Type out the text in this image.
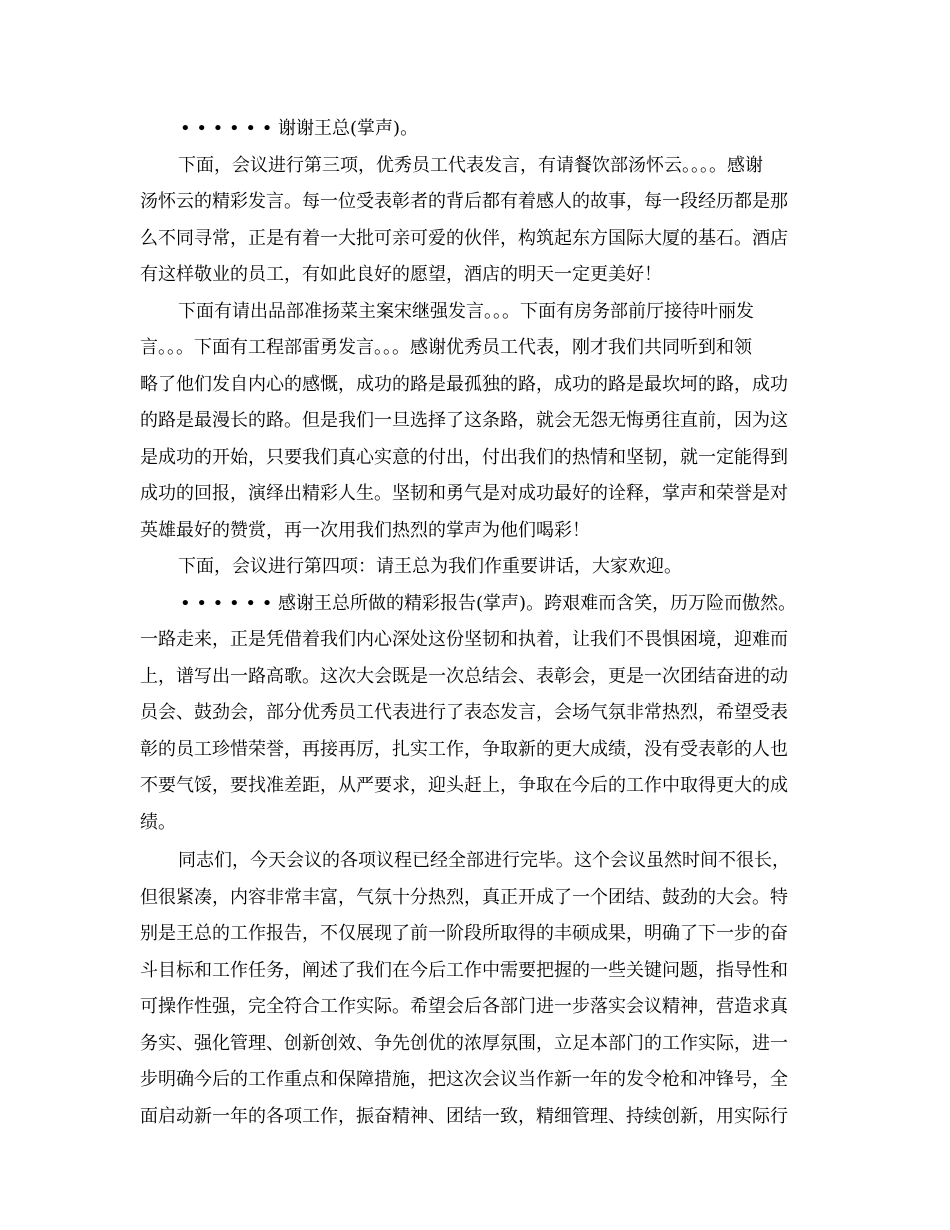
• • • • • • 谢谢王总(掌声)。
下面，会议进行第三项，优秀员工代表发言，有请餐饮部汤怀云。。。。感谢
汤怀云的精彩发言。每一位受表彰者的背后都有着感人的故事，每一段经历都是那
么不同寻常，正是有着一大批可亲可爱的伙伴，构筑起东方国际大厦的基石。酒店
有这样敬业的员工，有如此良好的愿望，酒店的明天一定更美好！
下面有请出品部准扬菜主案宋继强发言。。。下面有房务部前厅接待叶丽发
言。。。下面有工程部雷勇发言。。。感谢优秀员工代表，刚才我们共同听到和领
略了他们发自内心的感慨，成功的路是最孤独的路，成功的路是最坎坷的路，成功
的路是最漫长的路。但是我们一旦选择了这条路，就会无怨无悔勇往直前，因为这
是成功的开始，只要我们真心实意的付出，付出我们的热情和坚韧，就一定能得到
成功的回报，演绎出精彩人生。坚韧和勇气是对成功最好的诠释，掌声和荣誉是对
英雄最好的赞赏，再一次用我们热烈的掌声为他们喝彩！
下面，会议进行第四项：请王总为我们作重要讲话，大家欢迎。
• • • • • • 感谢王总所做的精彩报告(掌声)。跨艰难而含笑，历万险而傲然。
一路走来，正是凭借着我们内心深处这份坚韧和执着，让我们不畏惧困境，迎难而
上，谱写出一路高歌。这次大会既是一次总结会、表彰会，更是一次团结奋进的动
员会、鼓劲会，部分优秀员工代表进行了表态发言，会场气氛非常热烈，希望受表
彰的员工珍惜荣誉，再接再厉，扎实工作，争取新的更大成绩，没有受表彰的人也
不要气馁，要找准差距，从严要求，迎头赶上，争取在今后的工作中取得更大的成
绩。
同志们，今天会议的各项议程已经全部进行完毕。这个会议虽然时间不很长，
但很紧凑，内容非常丰富，气氛十分热烈，真正开成了一个团结、鼓劲的大会。特
别是王总的工作报告，不仅展现了前一阶段所取得的丰硕成果，明确了下一步的奋
斗目标和工作任务，阐述了我们在今后工作中需要把握的一些关键问题，指导性和
可操作性强，完全符合工作实际。希望会后各部门进一步落实会议精神，营造求真
务实、强化管理、创新创效、争先创优的浓厚氛围，立足本部门的工作实际，进一
步明确今后的工作重点和保障措施，把这次会议当作新一年的发令枪和冲锋号，全
面启动新一年的各项工作，振奋精神、团结一致，精细管理、持续创新，用实际行
